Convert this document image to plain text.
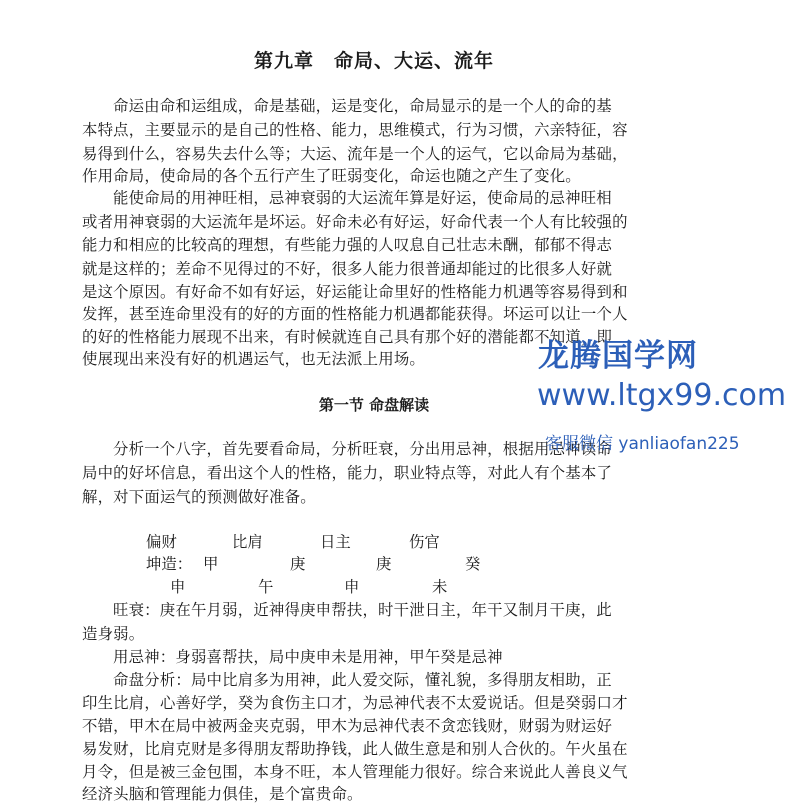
第九章　命局、大运、流年
命运由命和运组成，命是基础，运是变化，命局显示的是一个人的命的基
本特点，主要显示的是自己的性格、能力，思维模式，行为习惯，六亲特征，容
易得到什么，容易失去什么等；大运、流年是一个人的运气，它以命局为基础，
作用命局，使命局的各个五行产生了旺弱变化，命运也随之产生了变化。
能使命局的用神旺相，忌神衰弱的大运流年算是好运，使命局的忌神旺相
或者用神衰弱的大运流年是坏运。好命未必有好运，好命代表一个人有比较强的
能力和相应的比较高的理想，有些能力强的人叹息自己壮志未酬，郁郁不得志
就是这样的；差命不见得过的不好，很多人能力很普通却能过的比很多人好就
是这个原因。有好命不如有好运，好运能让命里好的性格能力机遇等容易得到和
发挥，甚至连命里没有的好的方面的性格能力机遇都能获得。坏运可以让一个人
的好的性格能力展现不出来，有时候就连自己具有那个好的潜能都不知道，即
使展现出来没有好的机遇运气，也无法派上用场。
第一节 命盘解读
分析一个八字，首先要看命局，分析旺衰，分出用忌神，根据用忌神读命
局中的好坏信息，看出这个人的性格，能力，职业特点等，对此人有个基本了
解，对下面运气的预测做好准备。
偏财	比肩	日主	伤官
坤造： 甲	庚	庚	癸
申	午	申	未
旺衰：庚在午月弱，近神得庚申帮扶，时干泄日主，年干又制月干庚，此
造身弱。
用忌神：身弱喜帮扶，局中庚申未是用神，甲午癸是忌神
命盘分析：局中比肩多为用神，此人爱交际，懂礼貌，多得朋友相助，正
印生比肩，心善好学，癸为食伤主口才，为忌神代表不太爱说话。但是癸弱口才
不错，甲木在局中被两金夹克弱，甲木为忌神代表不贪恋钱财，财弱为财运好
易发财，比肩克财是多得朋友帮助挣钱，此人做生意是和别人合伙的。午火虽在
月令，但是被三金包围，本身不旺，本人管理能力很好。综合来说此人善良义气
经济头脑和管理能力俱佳，是个富贵命。
龙腾国学网
www.ltgx99.com
客服微信 yanliaofan225
